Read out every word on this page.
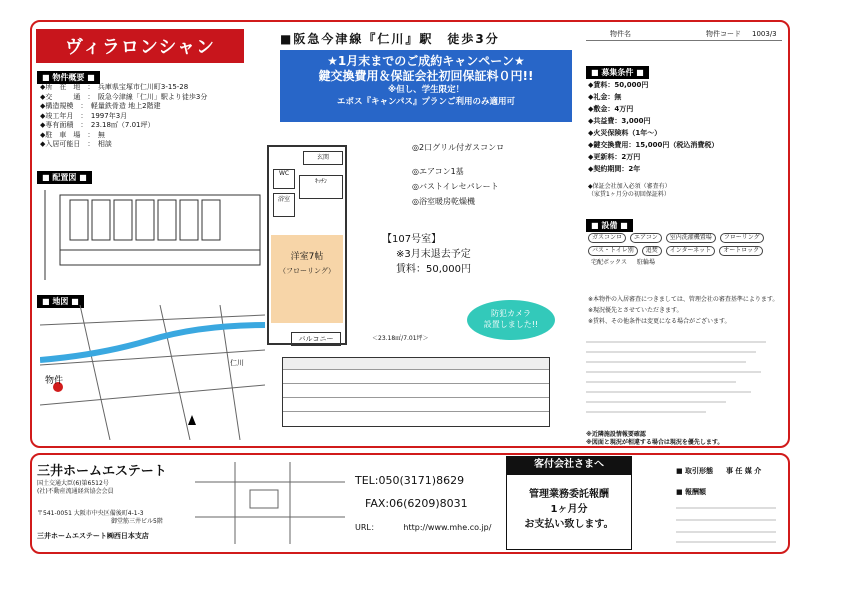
ヴィラロンシャン
■ 物件概要 ■
◆所　在　地　：　兵庫県宝塚市仁川町3-15-28
◆交　　　通　：　阪急今津線「仁川」駅より徒歩3分
◆構造規模　：　軽量鉄骨造 地上2階建
◆竣工年月　：　1997年3月
◆専有面積　：　23.18㎡（7.01坪）
◆駐　車　場　：　無
◆入居可能日　：　相談
■ 配置図 ■
■ 地図 ■
物件
仁川
■阪急今津線『仁川』駅　徒歩3分
★1月末までのご成約キャンペーン★
鍵交換費用＆保証会社初回保証料０円!!
※但し、学生限定！
エポス『キャンパス』プランご利用のみ適用可
玄関
WC
ｷｯﾁﾝ
浴室
洋室7帖
（フローリング）
バルコニー	＜23.18㎡/7.01坪＞
◎2口グリル付ガスコンロ
◎エアコン1基
◎バストイレセパレート
◎浴室暖房乾燥機
【107号室】
※3月末退去予定
賃料：50,000円
防犯カメラ
設置しました!!
物件名	物件コード 1003/3
■ 募集条件 ■
◆賃料：50,000円
◆礼金：無
◆敷金：4万円
◆共益費：3,000円
◆火災保険料（1年～）
◆鍵交換費用：15,000円（税込消費税）
◆更新料：2万円
◆契約期間：2年
◆保証会社加入必須（審査有）
（家賃1ヶ月分の初回保証料）
■ 設備 ■
ガスコンロ	エアコン	室内洗濯機置場	フローリング
バス・トイレ別	追焚	インターネット	オートロック
宅配ボックス	駐輪場
※本物件の入居審査につきましては、管理会社の審査基準によります。
※現況優先とさせていただきます。
※賃料、その他条件は変更になる場合がございます。
※近隣施設情報要確認
※図面と現況が相違する場合は現況を優先します。
三井ホームエステート
国土交通大臣(6)第6512号
(社)不動産流通経営協会会員
〒541-0051 大阪市中央区備後町4-1-3
御堂筋三井ビル5階
三井ホームエステート㈱西日本支店
TEL:050(3171)8629
FAX:06(6209)8031
URL：	http://www.mhe.co.jp/
客付会社さまへ
管理業務委託報酬
1ヶ月分
お支払い致します。
■ 取引形態 事 任 媒 介
■ 報酬額
